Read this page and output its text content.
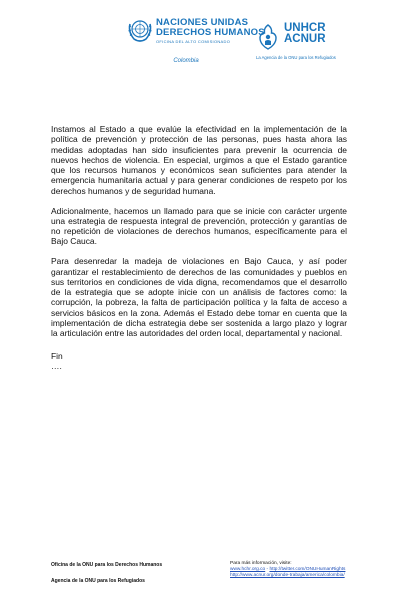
NACIONES UNIDAS
DERECHOS HUMANOS
OFICINA DEL ALTO COMISIONADO
Colombia
UNHCR
ACNUR
La Agencia de la ONU para los Refugiados

Instamos al Estado a que evalúe la efectividad en la implementación de la política de prevención y protección de las personas, pues hasta ahora las medidas adoptadas han sido insuficientes para prevenir la ocurrencia de nuevos hechos de violencia. En especial, urgimos a que el Estado garantice que los recursos humanos y económicos sean suficientes para atender la emergencia humanitaria actual y para generar condiciones de respeto por los derechos humanos y de seguridad humana.

Adicionalmente, hacemos un llamado para que se inicie con carácter urgente una estrategia de respuesta integral de prevención, protección y garantías de no repetición de violaciones de derechos humanos, específicamente para el Bajo Cauca.

Para desenredar la madeja de violaciones en Bajo Cauca, y así poder garantizar el restablecimiento de derechos de las comunidades y pueblos en sus territorios en condiciones de vida digna, recomendamos que el desarrollo de la estrategia que se adopte inicie con un análisis de factores como: la corrupción, la pobreza, la falta de participación política y la falta de acceso a servicios básicos en la zona. Además el Estado debe tomar en cuenta que la implementación de dicha estrategia debe ser sostenida a largo plazo y lograr la articulación entre las autoridades del orden local, departamental y nacional.

Fin

….

Oficina de la ONU para los Derechos Humanos
Agencia de la ONU para los Refugiados
Para más información, visite:
www.hchr.org.co - http://twitter.com/ONUHumanRights
http://www.acnur.org/donde-trabaja/america/colombia/
